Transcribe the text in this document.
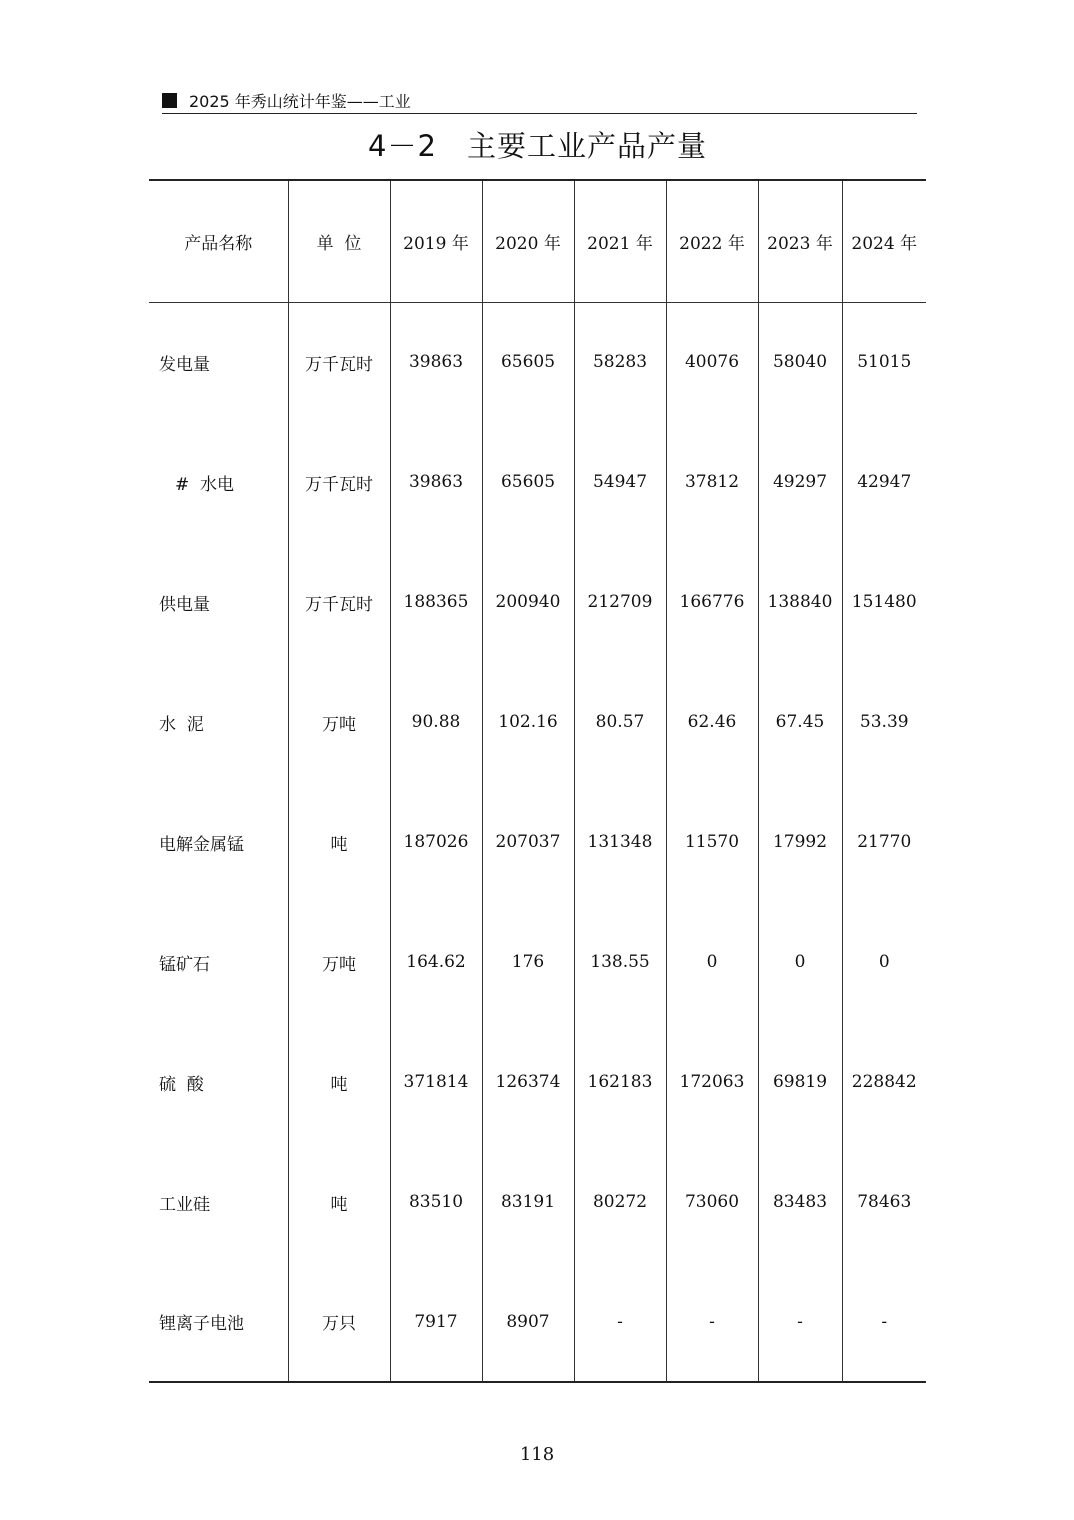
2025 年秀山统计年鉴——工业
4－2　主要工业产品产量
产品名称	单  位	2019 年	2020 年	2021 年	2022 年	2023 年	2024 年
发电量	万千瓦时	39863	65605	58283	40076	58040	51015
#  水电	万千瓦时	39863	65605	54947	37812	49297	42947
供电量	万千瓦时	188365	200940	212709	166776	138840	151480
水  泥	万吨	90.88	102.16	80.57	62.46	67.45	53.39
电解金属锰	吨	187026	207037	131348	11570	17992	21770
锰矿石	万吨	164.62	176	138.55	0	0	0
硫  酸	吨	371814	126374	162183	172063	69819	228842
工业硅	吨	83510	83191	80272	73060	83483	78463
锂离子电池	万只	7917	8907	-	-	-	-
118
